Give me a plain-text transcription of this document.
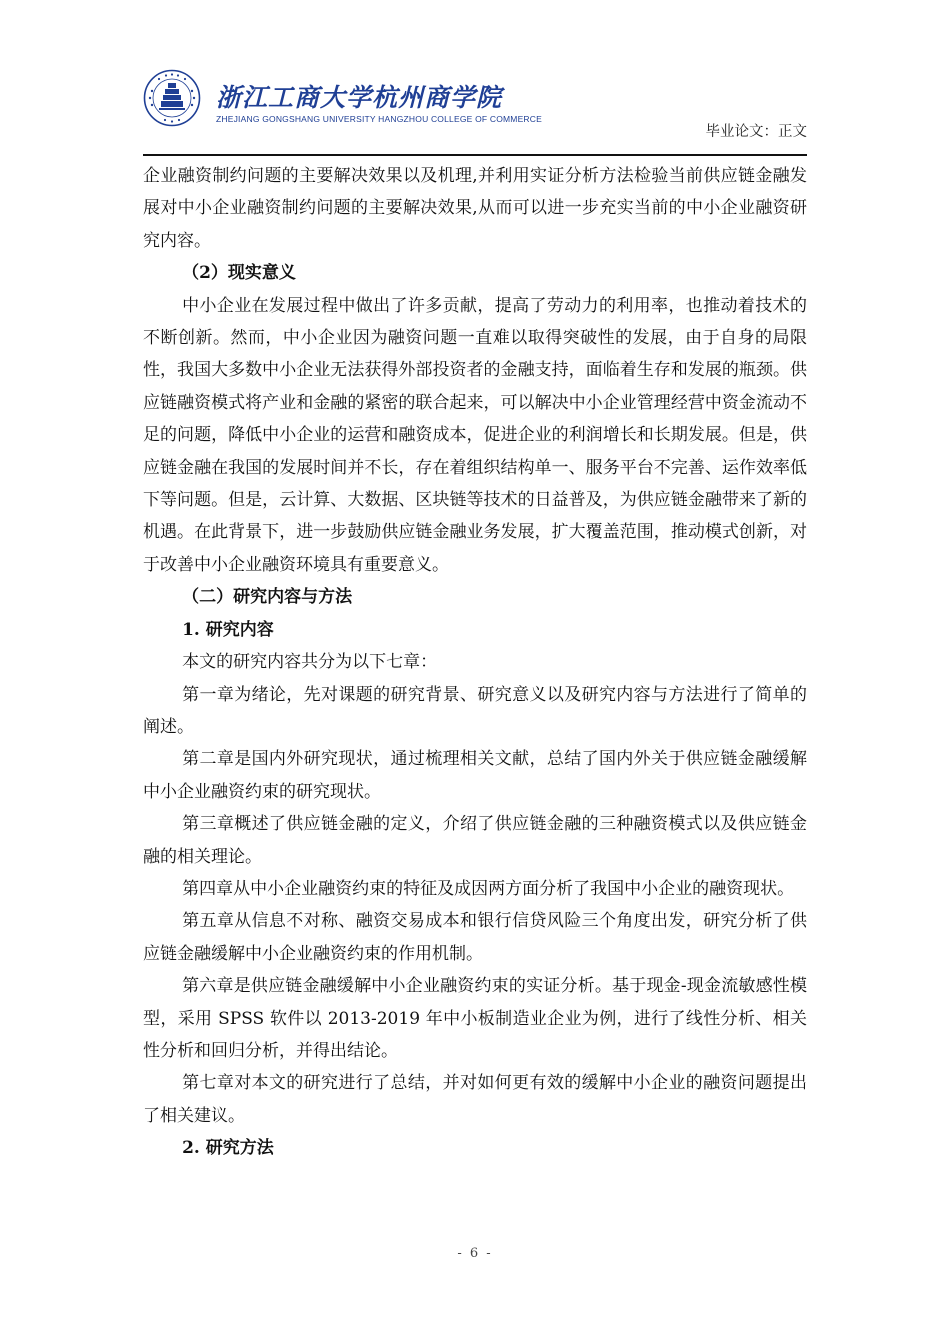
浙江工商大学杭州商学院
ZHEJIANG GONGSHANG UNIVERSITY HANGZHOU COLLEGE OF COMMERCE
毕业论文：正文

企业融资制约问题的主要解决效果以及机理,并利用实证分析方法检验当前供应链金融发展对中小企业融资制约问题的主要解决效果,从而可以进一步充实当前的中小企业融资研究内容。

（2）现实意义

中小企业在发展过程中做出了许多贡献，提高了劳动力的利用率，也推动着技术的不断创新。然而，中小企业因为融资问题一直难以取得突破性的发展，由于自身的局限性，我国大多数中小企业无法获得外部投资者的金融支持，面临着生存和发展的瓶颈。供应链融资模式将产业和金融的紧密的联合起来，可以解决中小企业管理经营中资金流动不足的问题，降低中小企业的运营和融资成本，促进企业的利润增长和长期发展。但是，供应链金融在我国的发展时间并不长，存在着组织结构单一、服务平台不完善、运作效率低下等问题。但是，云计算、大数据、区块链等技术的日益普及，为供应链金融带来了新的机遇。在此背景下，进一步鼓励供应链金融业务发展，扩大覆盖范围，推动模式创新，对于改善中小企业融资环境具有重要意义。

（二）研究内容与方法

1. 研究内容

本文的研究内容共分为以下七章：

第一章为绪论，先对课题的研究背景、研究意义以及研究内容与方法进行了简单的阐述。

第二章是国内外研究现状，通过梳理相关文献，总结了国内外关于供应链金融缓解中小企业融资约束的研究现状。

第三章概述了供应链金融的定义，介绍了供应链金融的三种融资模式以及供应链金融的相关理论。

第四章从中小企业融资约束的特征及成因两方面分析了我国中小企业的融资现状。

第五章从信息不对称、融资交易成本和银行信贷风险三个角度出发，研究分析了供应链金融缓解中小企业融资约束的作用机制。

第六章是供应链金融缓解中小企业融资约束的实证分析。基于现金-现金流敏感性模型，采用 SPSS 软件以 2013-2019 年中小板制造业企业为例，进行了线性分析、相关性分析和回归分析，并得出结论。

第七章对本文的研究进行了总结，并对如何更有效的缓解中小企业的融资问题提出了相关建议。

2. 研究方法

- 6 -
